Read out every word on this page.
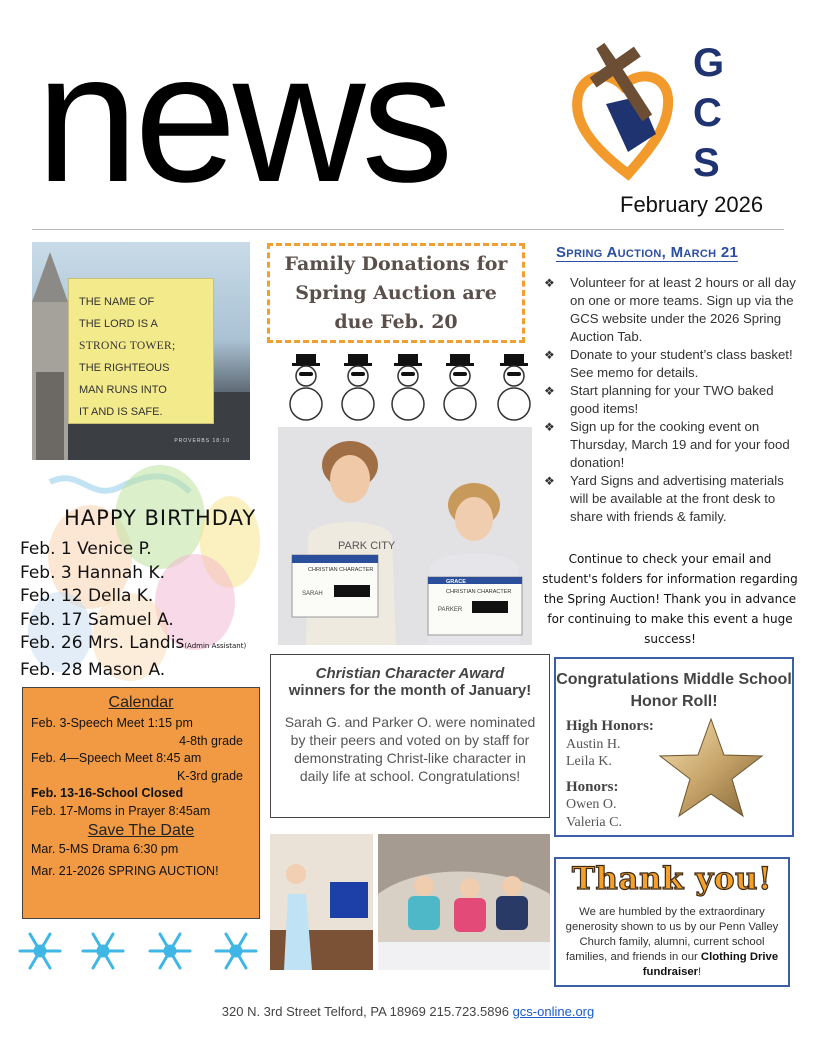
news	G
C
S
February 2026
THE NAME OF
THE LORD IS A
STRONG TOWER;
THE RIGHTEOUS
MAN RUNS INTO
IT AND IS SAFE.
PROVERBS 18:10
HAPPY BIRTHDAY
Feb. 1 Venice P.
Feb. 3 Hannah K.
Feb. 12 Della K.
Feb. 17 Samuel A.
Feb. 26 Mrs. Landis(Admin Assistant)
Feb. 28 Mason A.
Calendar
Feb. 3-Speech Meet 1:15 pm
4-8th grade
Feb. 4—Speech Meet 8:45 am
K-3rd grade
Feb. 13-16-School Closed
Feb. 17-Moms in Prayer 8:45am
Save The Date
Mar. 5-MS Drama 6:30 pm
Mar. 21-2026 SPRING AUCTION!
Family Donations for Spring Auction are due Feb. 20
PARK CITY
CHRISTIAN CHARACTER
SARAH	CHRISTIAN CHARACTER
PARKER
GRACE
Christian Character Award
winners for the month of January!
Sarah G. and Parker O. were nominated by their peers and voted on by staff for demonstrating Christ-like character in daily life at school. Congratulations!
Spring Auction, March 21
❖ Volunteer for at least 2 hours or all day on one or more teams. Sign up via the GCS website under the 2026 Spring Auction Tab.
❖ Donate to your student’s class basket! See memo for details.
❖ Start planning for your TWO baked good items!
❖ Sign up for the cooking event on Thursday, March 19 and for your food donation!
❖ Yard Signs and advertising materials will be available at the front desk to share with friends & family.
Continue to check your email and student's folders for information regarding the Spring Auction! Thank you in advance for continuing to make this event a huge success!
Congratulations Middle School Honor Roll!
High Honors:
Austin H.
Leila K.
Honors:
Owen O.
Valeria C.
Thank you!
We are humbled by the extraordinary generosity shown to us by our Penn Valley Church family, alumni, current school families, and friends in our Clothing Drive fundraiser!
320 N. 3rd Street Telford, PA 18969 215.723.5896 gcs-online.org
